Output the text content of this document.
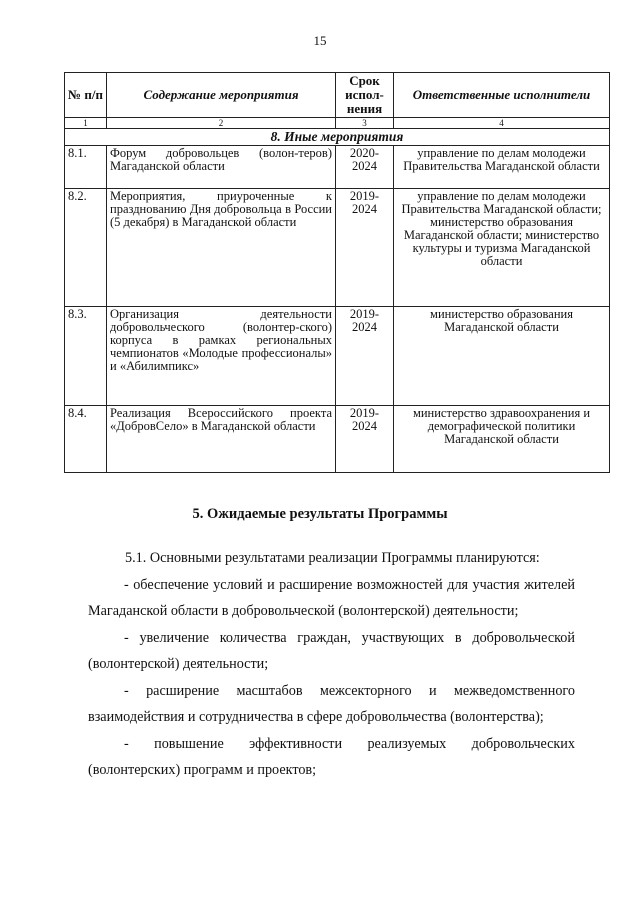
15
№ п/п	Содержание мероприятия	Срок испол-нения	Ответственные исполнители
1	2	3	4
8. Иные мероприятия			
8.1.	Форум добровольцев (волон-теров) Магаданской области	2020-2024	управление по делам молодежи Правительства Магаданской области
8.2.	Мероприятия, приуроченные к празднованию Дня добровольца в России (5 декабря) в Магаданской области	2019-2024	управление по делам молодежи Правительства Магаданской области; министерство образования Магаданской области; министерство культуры и туризма Магаданской области
8.3.	Организация деятельности добровольческого (волонтер-ского) корпуса в рамках региональных чемпионатов «Молодые профессионалы» и «Абилимпикс»	2019-2024	министерство образования Магаданской области
8.4.	Реализация Всероссийского проекта «ДобровСело» в Магаданской области	2019-2024	министерство здравоохранения и демографической политики Магаданской области
5. Ожидаемые результаты Программы

5.1. Основными результатами реализации Программы планируются:

- обеспечение условий и расширение возможностей для участия жителей Магаданской области в добровольческой (волонтерской) деятельности;

- увеличение количества граждан, участвующих в добровольческой (волонтерской) деятельности;

- расширение масштабов межсекторного и межведомственного взаимодействия и сотрудничества в сфере добровольчества (волонтерства);

- повышение эффективности реализуемых добровольческих (волонтерских) программ и проектов;
